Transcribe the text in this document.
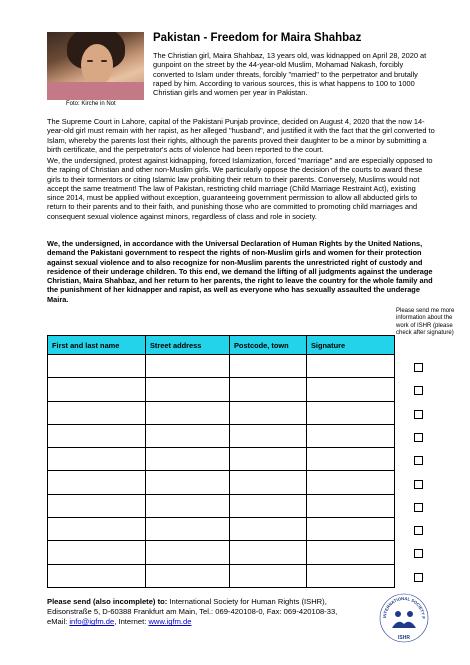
Foto: Kirche in Not
Pakistan - Freedom for Maira Shahbaz
The Christian girl, Maira Shahbaz, 13 years old, was kidnapped on April 28, 2020 at gunpoint on the street by the 44-year-old Muslim, Mohamad Nakash, forcibly converted to Islam under threats, forcibly "married" to the perpetrator and brutally raped by him. According to various sources, this is what happens to 100 to 1000 Christian girls and women per year in Pakistan.
The Supreme Court in Lahore, capital of the Pakistani Punjab province, decided on August 4, 2020 that the now 14-year-old girl must remain with her rapist, as her alleged "husband", and justified it with the fact that the girl converted to Islam, whereby the parents lost their rights, although the parents proved their daughter to be a minor by submitting a birth certificate, and the perpetrator's acts of violence had been reported to the court.
We, the undersigned, protest against kidnapping, forced Islamization, forced "marriage" and are especially opposed to the raping of Christian and other non-Muslim girls. We particularly oppose the decision of the courts to award these girls to their tormentors or citing Islamic law prohibiting their return to their parents. Conversely, Muslims would not accept the same treatment! The law of Pakistan, restricting child marriage (Child Marriage Restraint Act), existing since 2014, must be applied without exception, guaranteeing government permission to allow all abducted girls to return to their parents and to their faith, and punishing those who are committed to promoting child marriages and consequent sexual violence against minors, regardless of class and role in society.
We, the undersigned, in accordance with the Universal Declaration of Human Rights by the United Nations, demand the Pakistani government to respect the rights of non-Muslim girls and women for their protection against sexual violence and to also recognize for non-Muslim parents the unrestricted right of custody and residence of their underage children. To this end, we demand the lifting of all judgments against the underage Christian, Maira Shahbaz, and her return to her parents, the right to leave the country for the whole family and the punishment of her kidnapper and rapist, as well as everyone who has sexually assaulted the underage Maira.
Please send me more information about the work of ISHR (please check after signature)
First and last name	Street address	Postcode, town	Signature

Please send (also incomplete) to: International Society for Human Rights (ISHR),
Edisonstraße 5, D-60388 Frankfurt am Main, Tel.: 069-420108-0, Fax: 069-420108-33,
eMail: info@igfm.de, Internet: www.igfm.de
INTERNATIONAL SOCIETY F
ISHR
